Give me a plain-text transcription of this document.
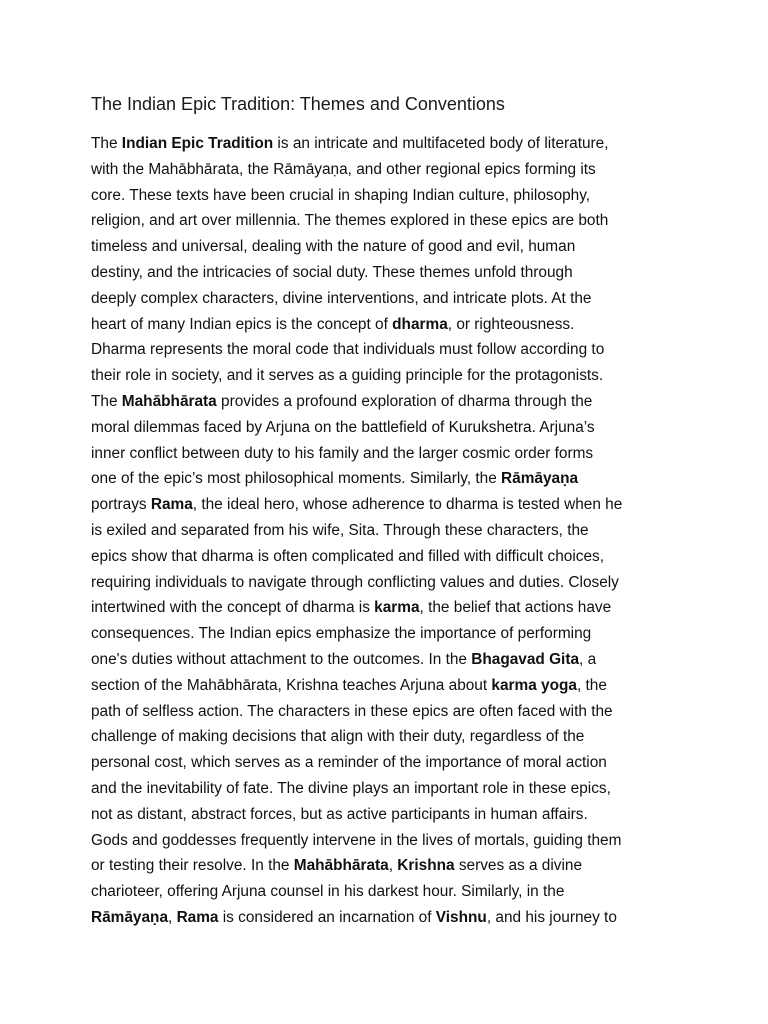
The Indian Epic Tradition: Themes and Conventions
The Indian Epic Tradition is an intricate and multifaceted body of literature,
with the Mahābhārata, the Rāmāyaṇa, and other regional epics forming its
core. These texts have been crucial in shaping Indian culture, philosophy,
religion, and art over millennia. The themes explored in these epics are both
timeless and universal, dealing with the nature of good and evil, human
destiny, and the intricacies of social duty. These themes unfold through
deeply complex characters, divine interventions, and intricate plots. At the
heart of many Indian epics is the concept of dharma, or righteousness.
Dharma represents the moral code that individuals must follow according to
their role in society, and it serves as a guiding principle for the protagonists.
The Mahābhārata provides a profound exploration of dharma through the
moral dilemmas faced by Arjuna on the battlefield of Kurukshetra. Arjuna’s
inner conflict between duty to his family and the larger cosmic order forms
one of the epic’s most philosophical moments. Similarly, the Rāmāyaṇa
portrays Rama, the ideal hero, whose adherence to dharma is tested when he
is exiled and separated from his wife, Sita. Through these characters, the
epics show that dharma is often complicated and filled with difficult choices,
requiring individuals to navigate through conflicting values and duties. Closely
intertwined with the concept of dharma is karma, the belief that actions have
consequences. The Indian epics emphasize the importance of performing
one's duties without attachment to the outcomes. In the Bhagavad Gita, a
section of the Mahābhārata, Krishna teaches Arjuna about karma yoga, the
path of selfless action. The characters in these epics are often faced with the
challenge of making decisions that align with their duty, regardless of the
personal cost, which serves as a reminder of the importance of moral action
and the inevitability of fate. The divine plays an important role in these epics,
not as distant, abstract forces, but as active participants in human affairs.
Gods and goddesses frequently intervene in the lives of mortals, guiding them
or testing their resolve. In the Mahābhārata, Krishna serves as a divine
charioteer, offering Arjuna counsel in his darkest hour. Similarly, in the
Rāmāyaṇa, Rama is considered an incarnation of Vishnu, and his journey to
